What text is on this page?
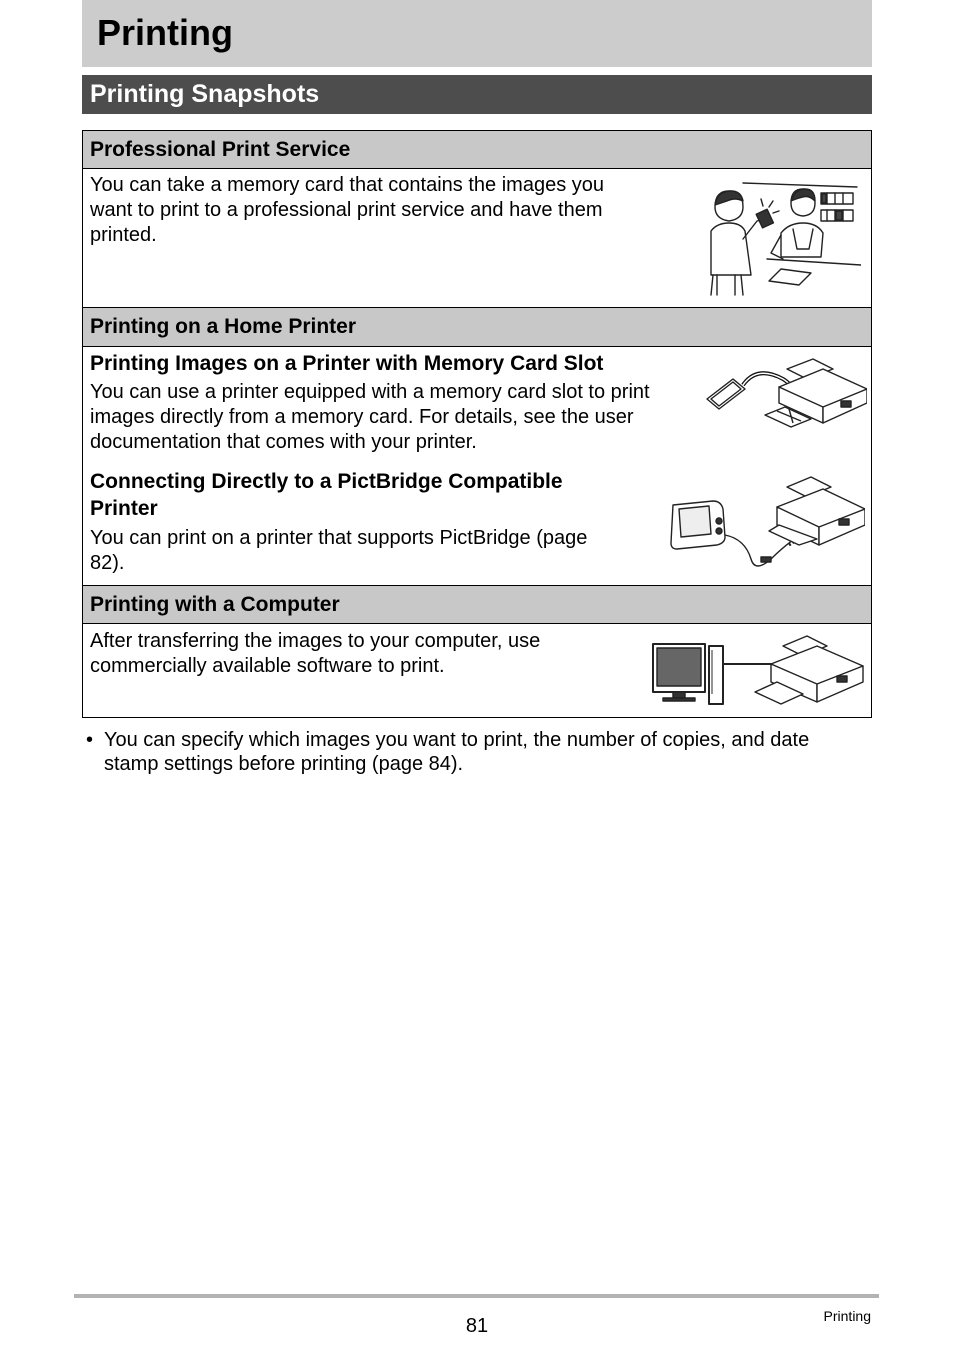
Printing
Printing Snapshots
Professional Print Service
You can take a memory card that contains the images you
want to print to a professional print service and have them
printed.
Printing on a Home Printer
Printing Images on a Printer with Memory Card Slot
You can use a printer equipped with a memory card slot to print
images directly from a memory card. For details, see the user
documentation that comes with your printer.
Connecting Directly to a PictBridge Compatible
Printer
You can print on a printer that supports PictBridge (page
82).
Printing with a Computer
After transferring the images to your computer, use
commercially available software to print.
• You can specify which images you want to print, the number of copies, and date
stamp settings before printing (page 84).
81	Printing
